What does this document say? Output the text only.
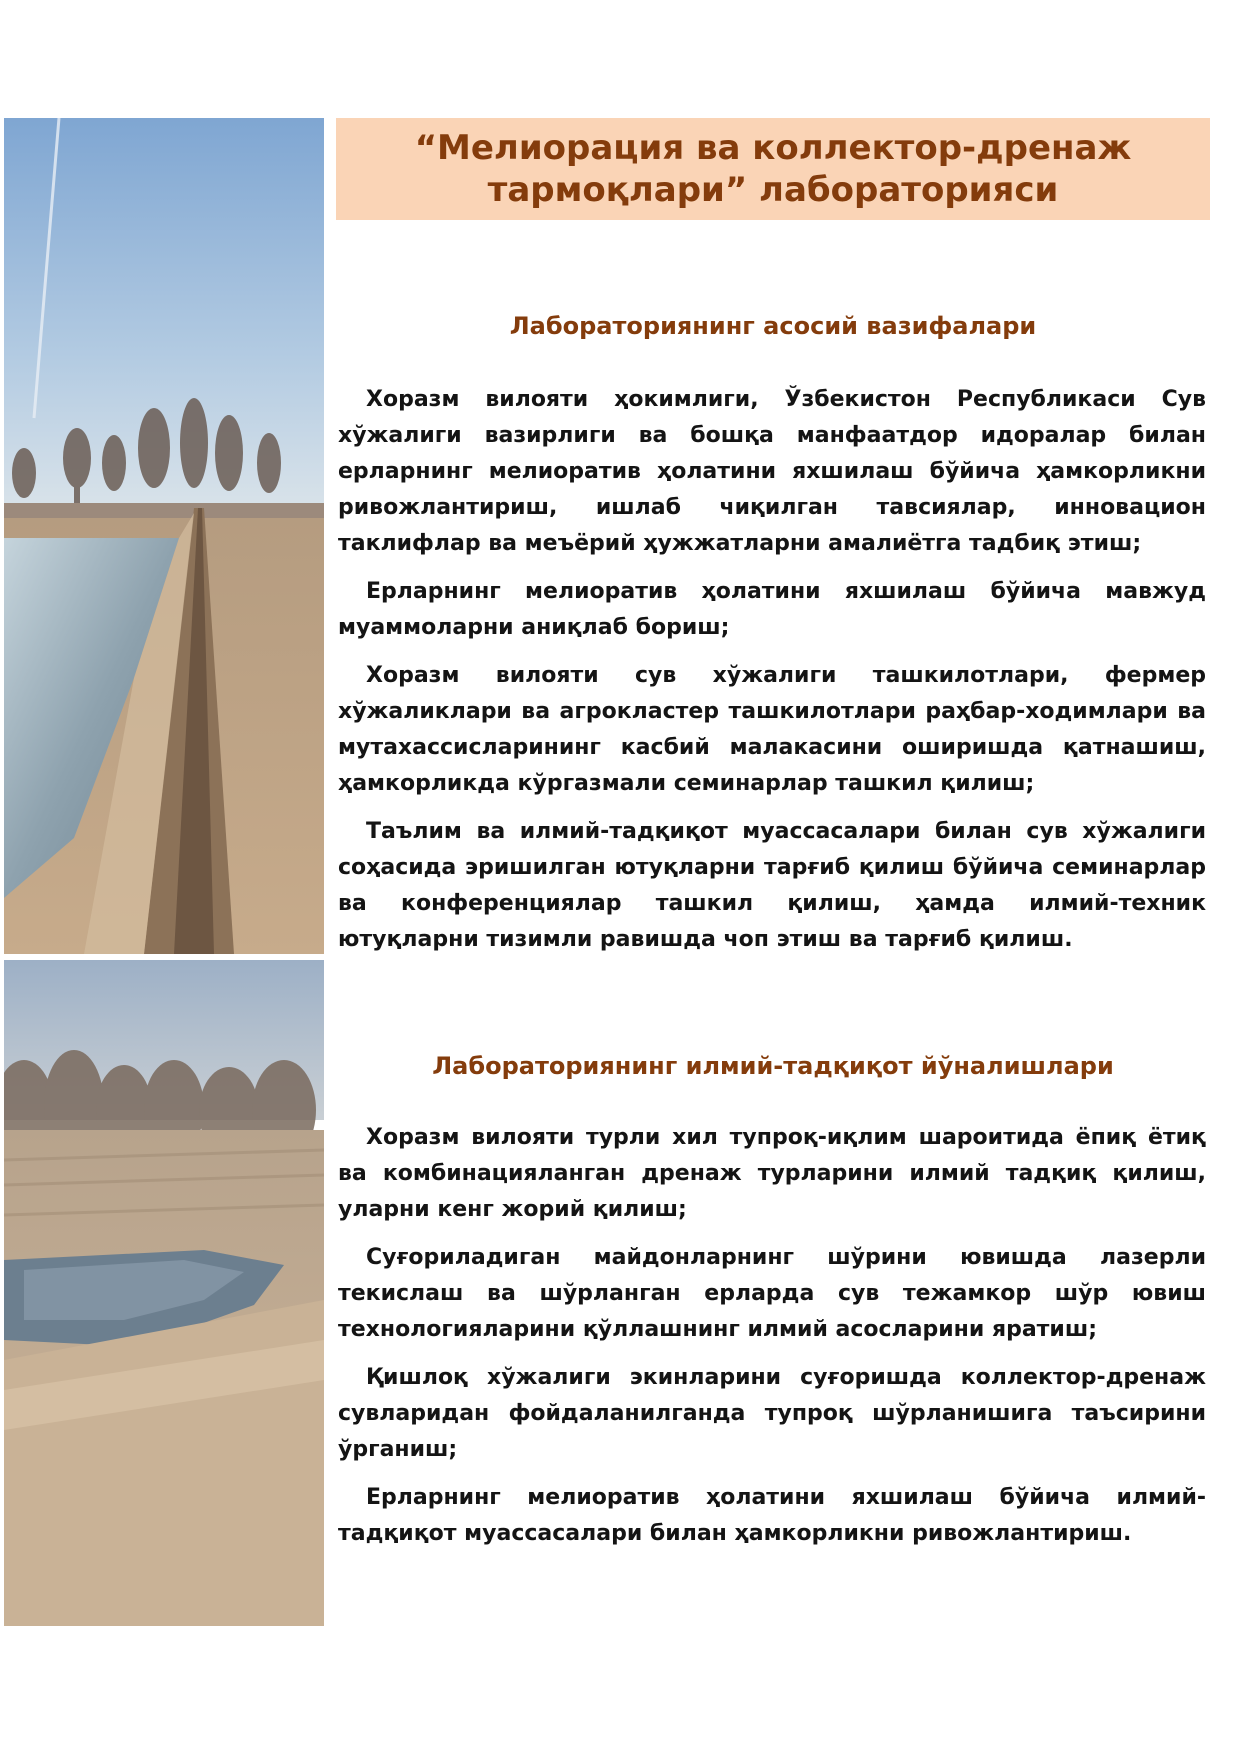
“Мелиорация ва коллектор-дренаж
тармоқлари” лабораторияси
Лабораториянинг асосий вазифалари

Хоразм вилояти ҳокимлиги, Ўзбекистон Республикаси Сув хўжалиги вазирлиги ва бошқа манфаатдор идоралар билан ерларнинг мелиоратив ҳолатини яхшилаш бўйича ҳамкорликни ривожлантириш, ишлаб чиқилган тавсиялар, инновацион таклифлар ва меъёрий ҳужжатларни амалиётга тадбиқ этиш;

Ерларнинг мелиоратив ҳолатини яхшилаш бўйича мавжуд муаммоларни аниқлаб бориш;

Хоразм вилояти сув хўжалиги ташкилотлари, фермер хўжаликлари ва агрокластер ташкилотлари раҳбар-ходимлари ва мутахассисларининг касбий малакасини оширишда қатнашиш, ҳамкорликда кўргазмали семинарлар ташкил қилиш;

Таълим ва илмий-тадқиқот муассасалари билан сув хўжалиги соҳасида эришилган ютуқларни тарғиб қилиш бўйича семинарлар ва конференциялар ташкил қилиш, ҳамда илмий-техник ютуқларни тизимли равишда чоп этиш ва тарғиб қилиш.

Лабораториянинг илмий-тадқиқот йўналишлари

Хоразм вилояти турли хил тупроқ-иқлим шароитида ёпиқ ётиқ ва комбинацияланган дренаж турларини илмий тадқиқ қилиш, уларни кенг жорий қилиш;

Суғориладиган майдонларнинг шўрини ювишда лазерли текислаш ва шўрланган ерларда сув тежамкор шўр ювиш технологияларини қўллашнинг илмий асосларини яратиш;

Қишлоқ хўжалиги экинларини суғоришда коллектор-дренаж сувларидан фойдаланилганда тупроқ шўрланишига таъсирини ўрганиш;

Ерларнинг мелиоратив ҳолатини яхшилаш бўйича илмий-тадқиқот муассасалари билан ҳамкорликни ривожлантириш.
